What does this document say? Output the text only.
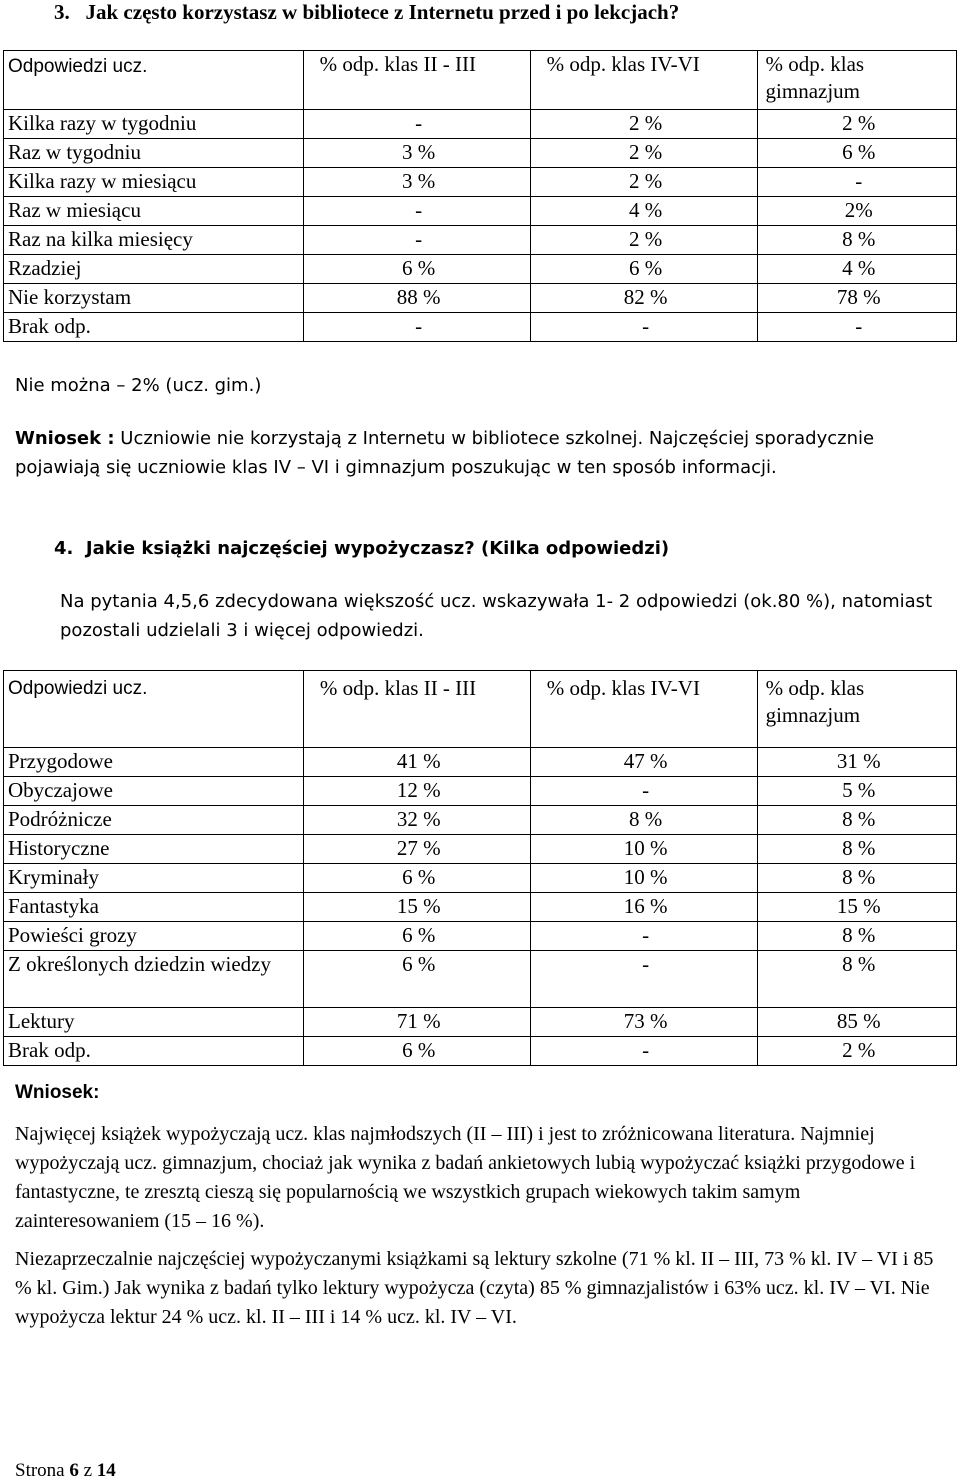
3. Jak często korzystasz w bibliotece z Internetu przed i po lekcjach?
Odpowiedzi ucz.	% odp. klas II - III	% odp. klas IV-VI	% odp. klas gimnazjum
Kilka razy w tygodniu	-	2 %	2 %
Raz w tygodniu	3 %	2 %	6 %
Kilka razy w miesiącu	3 %	2 %	-
Raz w miesiącu	-	4 %	2%
Raz na kilka miesięcy	-	2 %	8 %
Rzadziej	6 %	6 %	4 %
Nie korzystam	88 %	82 %	78 %
Brak odp.	-	-	-
Nie można – 2% (ucz. gim.)
Wniosek : Uczniowie nie korzystają z Internetu w bibliotece szkolnej. Najczęściej sporadycznie pojawiają się uczniowie klas IV – VI i gimnazjum poszukując w ten sposób informacji.
4. Jakie książki najczęściej wypożyczasz? (Kilka odpowiedzi)
Na pytania 4,5,6 zdecydowana większość ucz. wskazywała 1- 2 odpowiedzi (ok.80 %), natomiast pozostali udzielali 3 i więcej odpowiedzi.
Odpowiedzi ucz.	% odp. klas II - III	% odp. klas IV-VI	% odp. klas gimnazjum
Przygodowe	41 %	47 %	31 %
Obyczajowe	12 %	-	5 %
Podróżnicze	32 %	8 %	8 %
Historyczne	27 %	10 %	8 %
Kryminały	6 %	10 %	8 %
Fantastyka	15 %	16 %	15 %
Powieści grozy	6 %	-	8 %
Z określonych dziedzin wiedzy	6 %	-	8 %
Lektury	71 %	73 %	85 %
Brak odp.	6 %	-	2 %
Wniosek:
Najwięcej książek wypożyczają ucz. klas najmłodszych (II – III) i jest to zróżnicowana literatura. Najmniej wypożyczają ucz. gimnazjum, chociaż jak wynika z badań ankietowych lubią wypożyczać książki przygodowe i fantastyczne, te zresztą cieszą się popularnością we wszystkich grupach wiekowych takim samym zainteresowaniem (15 – 16 %).
Niezaprzeczalnie najczęściej wypożyczanymi książkami są lektury szkolne (71 % kl. II – III, 73 % kl. IV – VI i 85 % kl. Gim.) Jak wynika z badań tylko lektury wypożycza (czyta) 85 % gimnazjalistów i 63% ucz. kl. IV – VI. Nie wypożycza lektur 24 % ucz. kl. II – III i 14 % ucz. kl. IV – VI.
Strona 6 z 14
